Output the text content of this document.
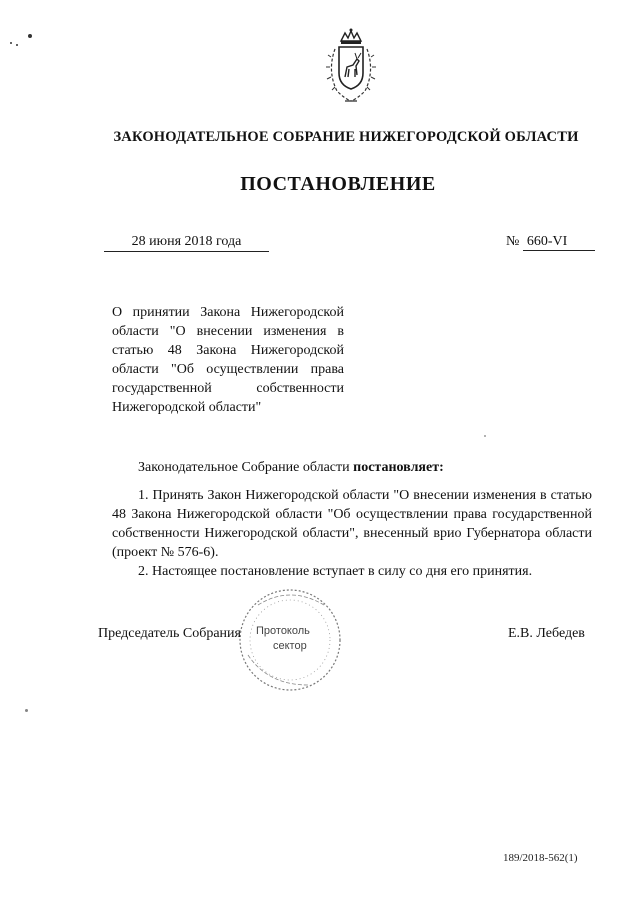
ЗАКОНОДАТЕЛЬНОЕ СОБРАНИЕ НИЖЕГОРОДСКОЙ ОБЛАСТИ
ПОСТАНОВЛЕНИЕ
28 июня 2018 года	№ 660-VI
О принятии Закона Нижегородской
области "О внесении изменения в
статью 48 Закона Нижегородской
области "Об осуществлении права
государственной собственности
Нижегородской области"
Законодательное Собрание области постановляет:

1. Принять Закон Нижегородской области "О внесении изменения в статью 48 Закона Нижегородской области "Об осуществлении права государственной собственности Нижегородской области", внесенный врио Губернатора области (проект № 576-6).

2. Настоящее постановление вступает в силу со дня его принятия.

Протоколь
сектор
Председатель Собрания	Е.В. Лебедев
189/2018-562(1)
